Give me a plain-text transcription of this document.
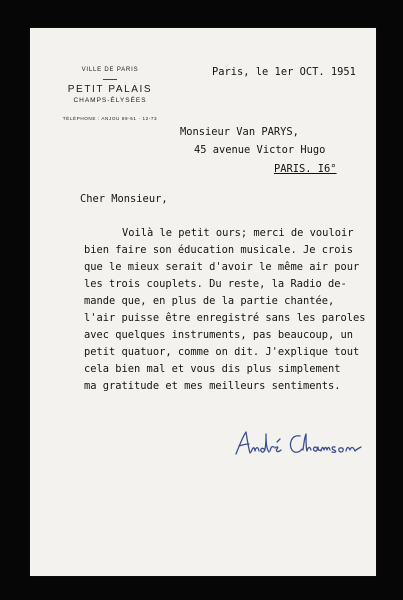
VILLE DE PARIS
PETIT PALAIS
CHAMPS-ÉLYSÉES
TÉLÉPHONE : ANJOU 89-51 · 12-73
Paris, le 1er OCT. 1951
Monsieur Van PARYS,
45 avenue Victor Hugo
PARIS. I6°
Cher Monsieur,
Voilà le petit ours; merci de vouloir
bien faire son éducation musicale. Je crois
que le mieux serait d'avoir le même air pour
les trois couplets. Du reste, la Radio de-
mande que, en plus de la partie chantée,
l'air puisse être enregistré sans les paroles
avec quelques instruments, pas beaucoup, un
petit quatuor, comme on dit. J'explique tout
cela bien mal et vous dis plus simplement
ma gratitude et mes meilleurs sentiments.
